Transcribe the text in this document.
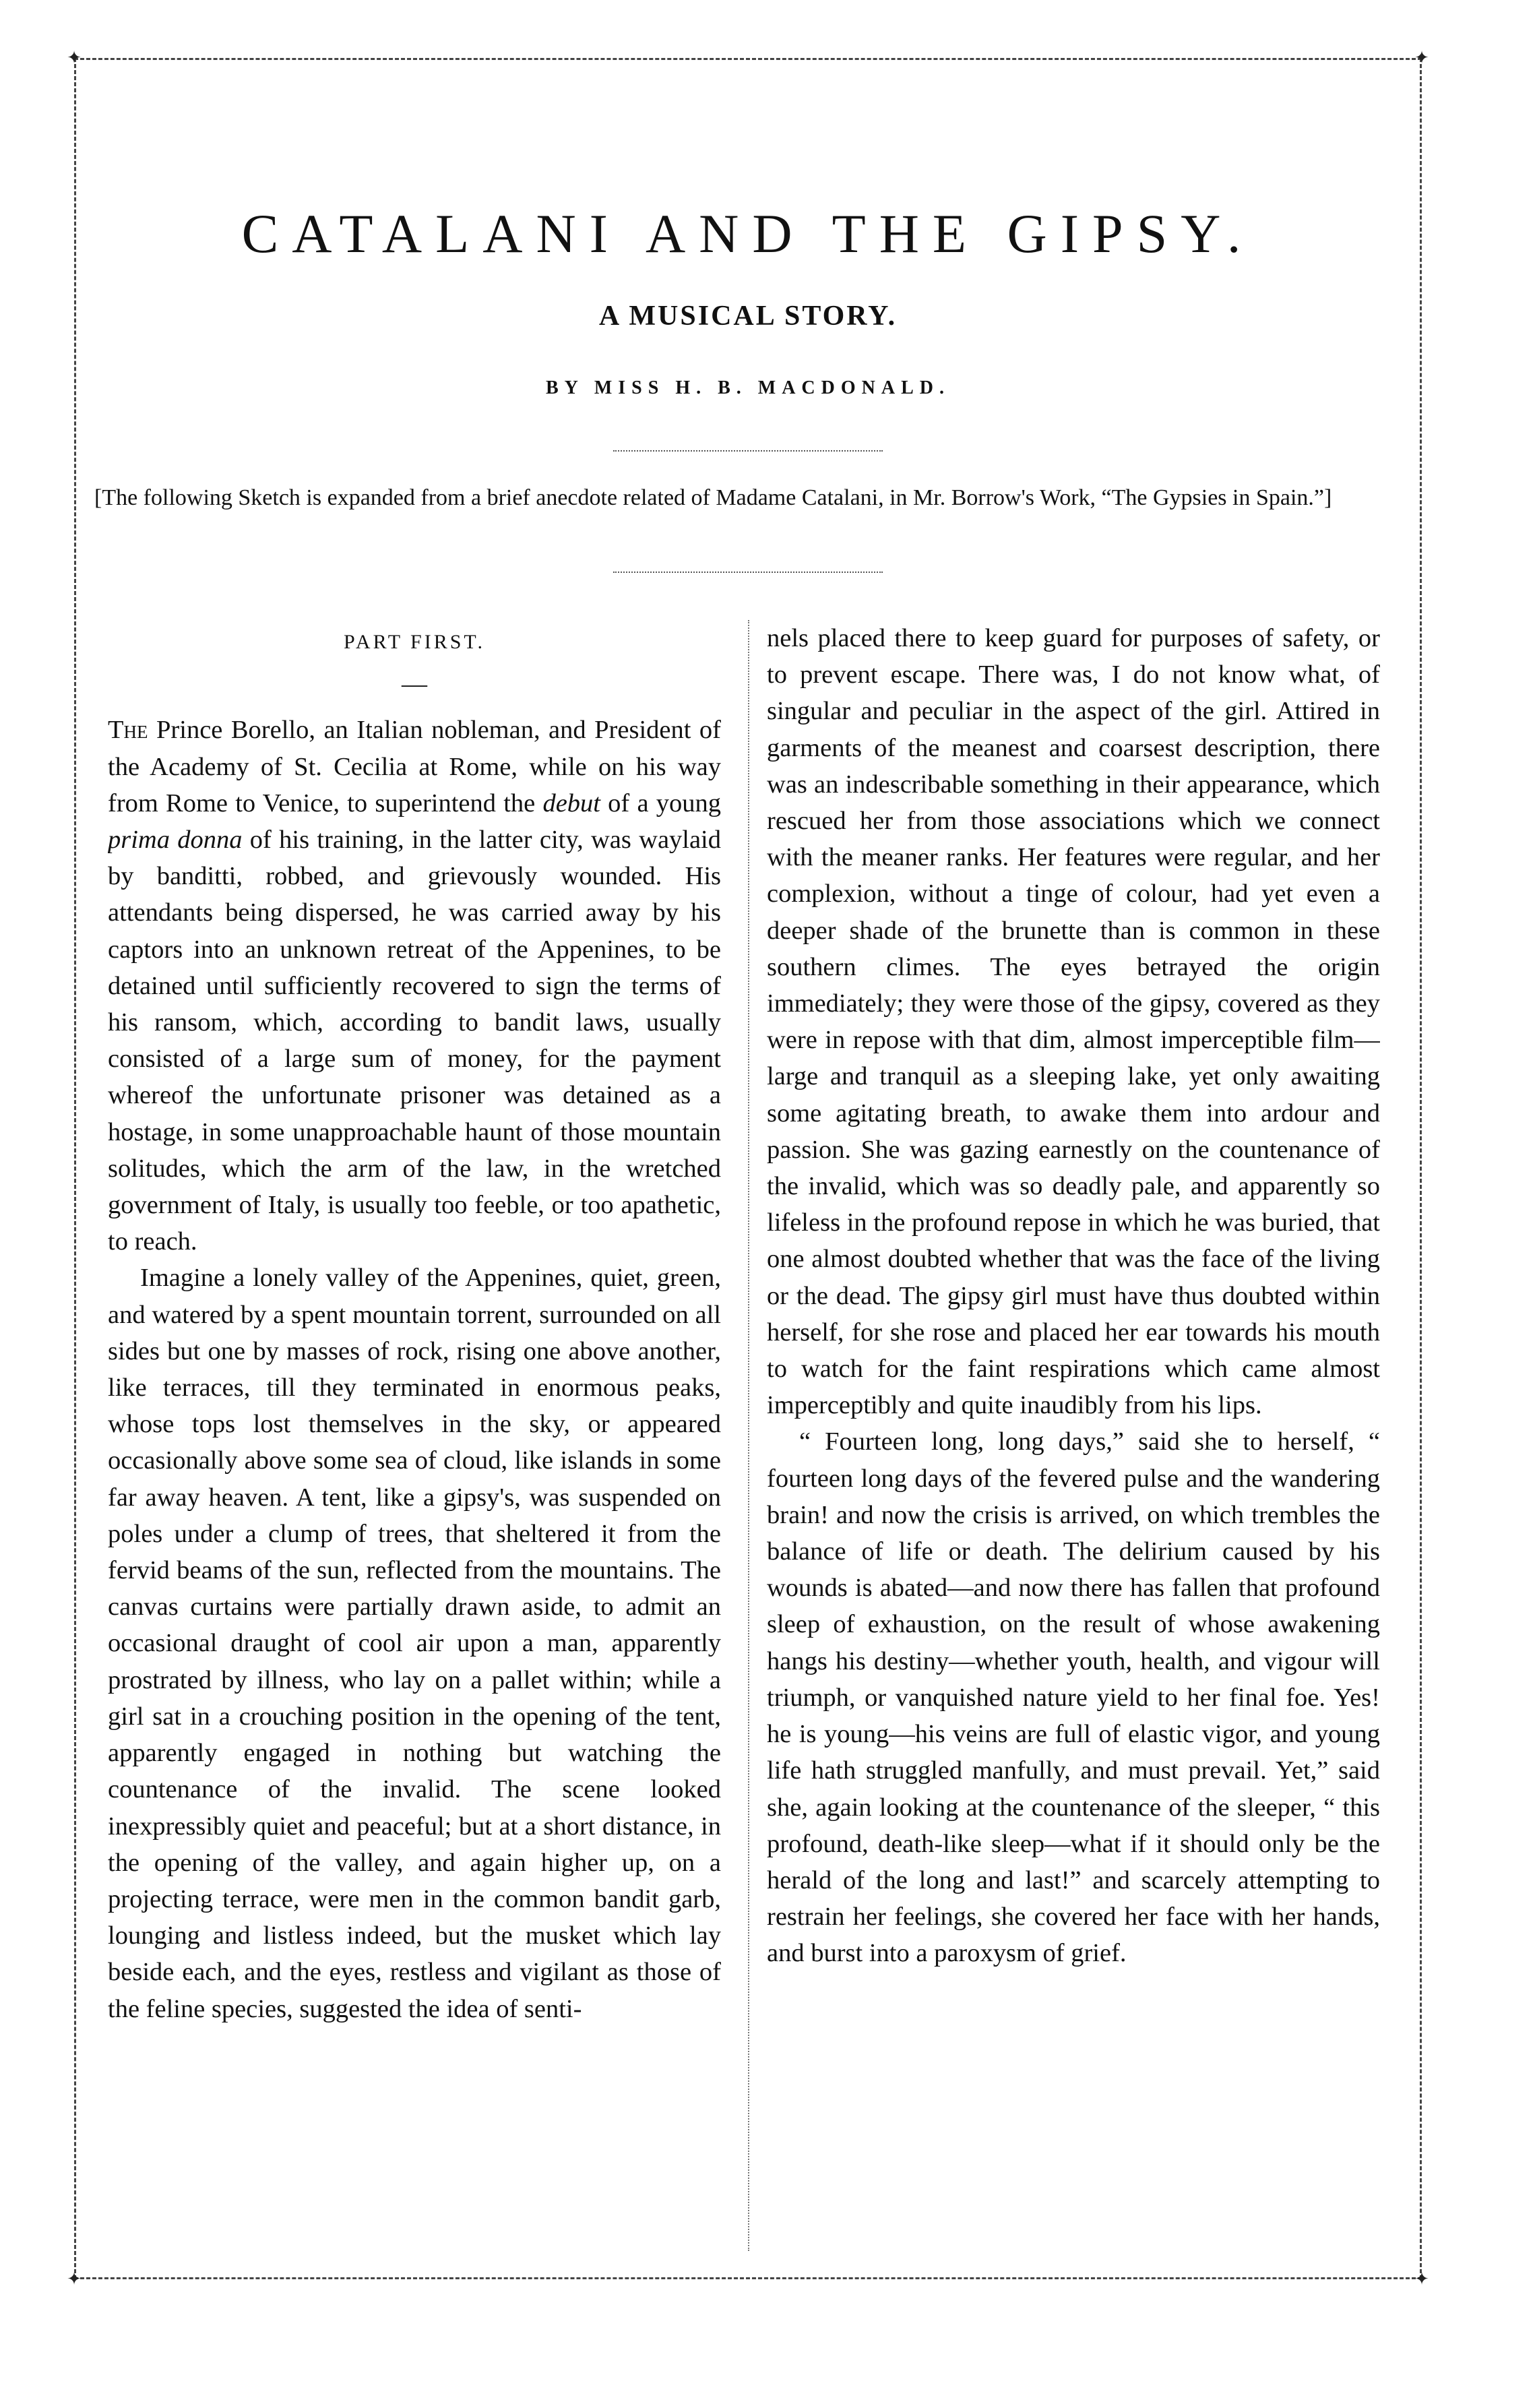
✦	✦
✦	✦
CATALANI AND THE GIPSY.
A MUSICAL STORY.
BY MISS H. B. MACDONALD.

[The following Sketch is expanded from a brief anecdote related of Madame Catalani, in Mr. Borrow's Work, “The Gypsies in Spain.”]

PART FIRST.
—

The Prince Borello, an Italian nobleman, and President of the Academy of St. Cecilia at Rome, while on his way from Rome to Venice, to superintend the debut of a young prima donna of his training, in the latter city, was waylaid by banditti, robbed, and grievously wounded. His attendants being dispersed, he was carried away by his captors into an unknown retreat of the Appenines, to be detained until sufficiently recovered to sign the terms of his ransom, which, according to bandit laws, usually consisted of a large sum of money, for the payment whereof the unfortunate prisoner was detained as a hostage, in some unapproachable haunt of those mountain solitudes, which the arm of the law, in the wretched government of Italy, is usually too feeble, or too apathetic, to reach.

Imagine a lonely valley of the Appenines, quiet, green, and watered by a spent mountain torrent, surrounded on all sides but one by masses of rock, rising one above another, like terraces, till they terminated in enormous peaks, whose tops lost themselves in the sky, or appeared occasionally above some sea of cloud, like islands in some far away heaven. A tent, like a gipsy's, was suspended on poles under a clump of trees, that sheltered it from the fervid beams of the sun, reflected from the mountains. The canvas curtains were partially drawn aside, to admit an occasional draught of cool air upon a man, apparently prostrated by illness, who lay on a pallet within; while a girl sat in a crouching position in the opening of the tent, apparently engaged in nothing but watching the countenance of the invalid. The scene looked inexpressibly quiet and peaceful; but at a short distance, in the opening of the valley, and again higher up, on a projecting terrace, were men in the common bandit garb, lounging and listless indeed, but the musket which lay beside each, and the eyes, restless and vigilant as those of the feline species, suggested the idea of senti-

nels placed there to keep guard for purposes of safety, or to prevent escape. There was, I do not know what, of singular and peculiar in the aspect of the girl. Attired in garments of the meanest and coarsest description, there was an indescribable something in their appearance, which rescued her from those associations which we connect with the meaner ranks. Her features were regular, and her complexion, without a tinge of colour, had yet even a deeper shade of the brunette than is common in these southern climes. The eyes betrayed the origin immediately; they were those of the gipsy, covered as they were in repose with that dim, almost imperceptible film—large and tranquil as a sleeping lake, yet only awaiting some agitating breath, to awake them into ardour and passion. She was gazing earnestly on the countenance of the invalid, which was so deadly pale, and apparently so lifeless in the profound repose in which he was buried, that one almost doubted whether that was the face of the living or the dead. The gipsy girl must have thus doubted within herself, for she rose and placed her ear towards his mouth to watch for the faint respirations which came almost imperceptibly and quite inaudibly from his lips.

“ Fourteen long, long days,” said she to herself, “ fourteen long days of the fevered pulse and the wandering brain! and now the crisis is arrived, on which trembles the balance of life or death. The delirium caused by his wounds is abated—and now there has fallen that profound sleep of exhaustion, on the result of whose awakening hangs his destiny—whether youth, health, and vigour will triumph, or vanquished nature yield to her final foe. Yes! he is young—his veins are full of elastic vigor, and young life hath struggled manfully, and must prevail. Yet,” said she, again looking at the countenance of the sleeper, “ this profound, death-like sleep—what if it should only be the herald of the long and last!” and scarcely attempting to restrain her feelings, she covered her face with her hands, and burst into a paroxysm of grief.
